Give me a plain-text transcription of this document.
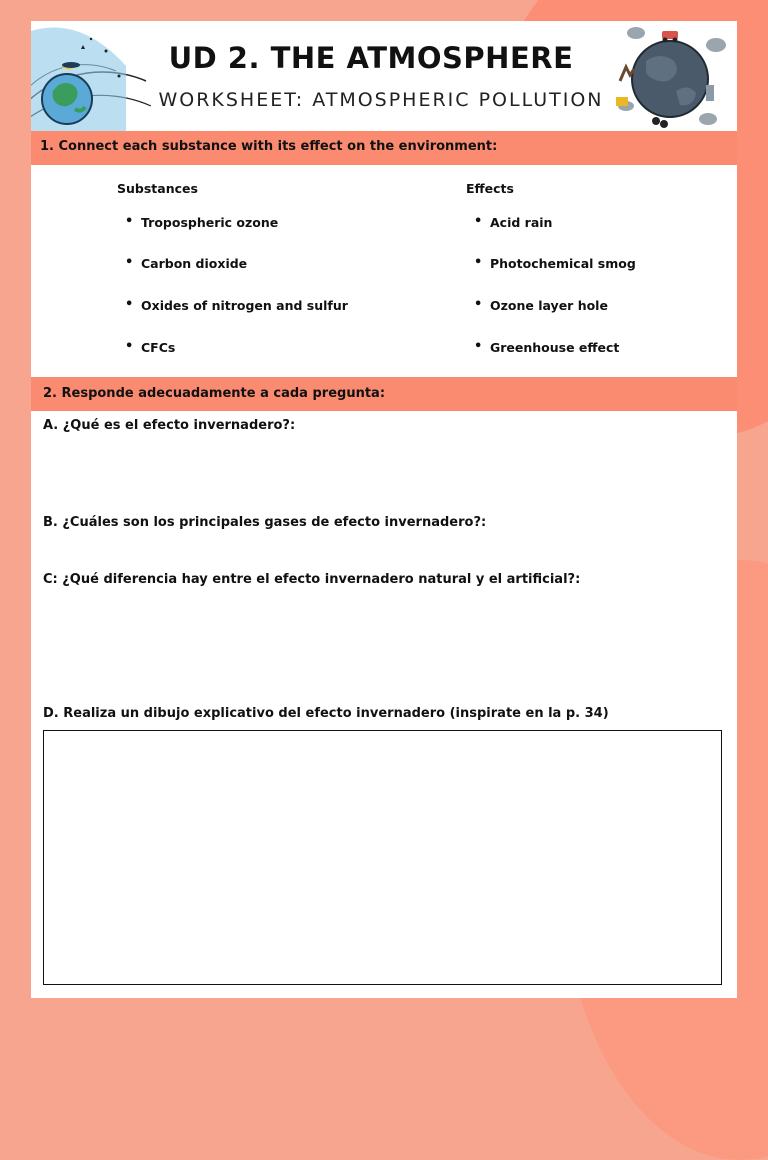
UD 2. THE ATMOSPHERE
WORKSHEET: ATMOSPHERIC POLLUTION
1. Connect each substance with its effect on the environment:
Substances	Effects
• Tropospheric ozone
• Carbon dioxide
• Oxides of nitrogen and sulfur
• CFCs
• Acid rain
• Photochemical smog
• Ozone layer hole
• Greenhouse effect
2. Responde adecuadamente a cada pregunta:
A. ¿Qué es el efecto invernadero?:
B. ¿Cuáles son los principales gases de efecto invernadero?:
C: ¿Qué diferencia hay entre el efecto invernadero natural y el artificial?:
D. Realiza un dibujo explicativo del efecto invernadero (inspirate en la p. 34)
